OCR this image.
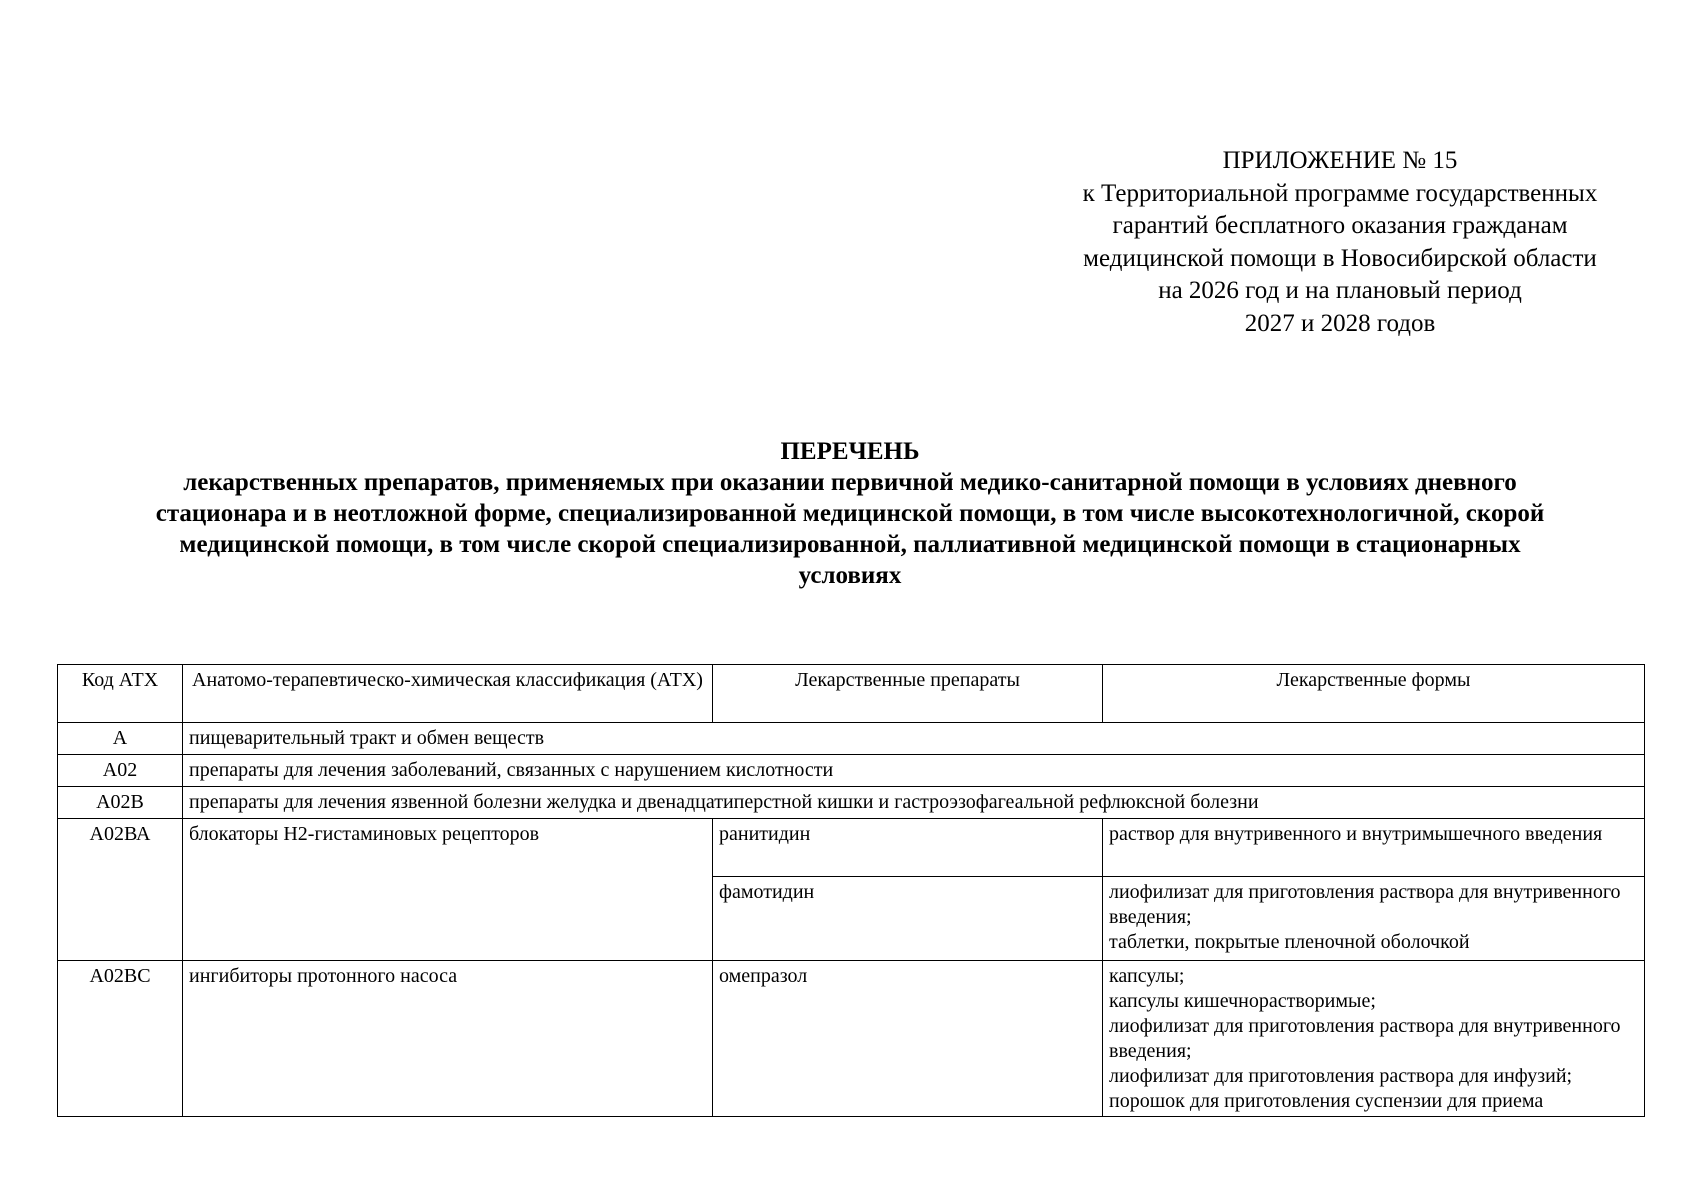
ПРИЛОЖЕНИЕ № 15
к Территориальной программе государственных
гарантий бесплатного оказания гражданам
медицинской помощи в Новосибирской области
на 2026 год и на плановый период
2027 и 2028 годов
ПЕРЕЧЕНЬ
лекарственных препаратов, применяемых при оказании первичной медико-санитарной помощи в условиях дневного
стационара и в неотложной форме, специализированной медицинской помощи, в том числе высокотехнологичной, скорой
медицинской помощи, в том числе скорой специализированной, паллиативной медицинской помощи в стационарных
условиях
Код АТХ	Анатомо-терапевтическо-химическая классификация (АТХ)	Лекарственные препараты	Лекарственные формы
А	пищеварительный тракт и обмен веществ		
А02	препараты для лечения заболеваний, связанных с нарушением кислотности		
А02В	препараты для лечения язвенной болезни желудка и двенадцатиперстной кишки и гастроэзофагеальной рефлюксной болезни		
А02ВА	блокаторы Н2-гистаминовых рецепторов	ранитидин	раствор для внутривенного и внутримышечного введения

		фамотидин	лиофилизат для приготовления раствора для внутривенного введения;
таблетки, покрытые пленочной оболочкой

А02ВС	ингибиторы протонного насоса	омепразол	капсулы;
капсулы кишечнорастворимые;
лиофилизат для приготовления раствора для внутривенного введения;
лиофилизат для приготовления раствора для инфузий;
порошок для приготовления суспензии для приема
